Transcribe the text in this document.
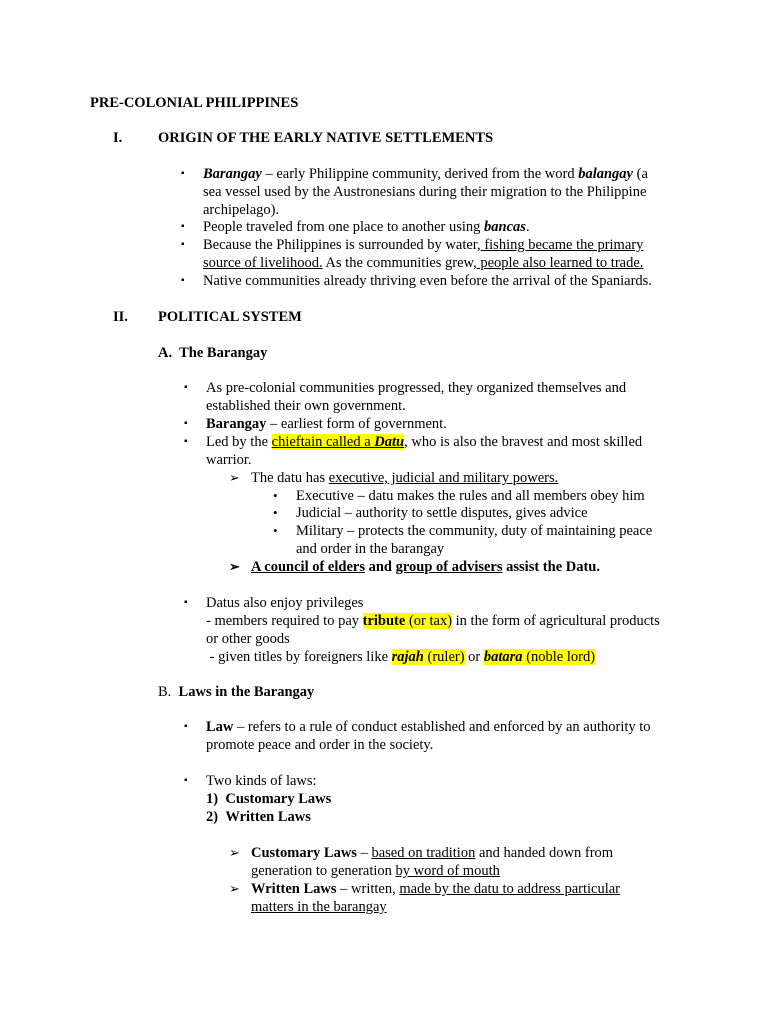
PRE-COLONIAL PHILIPPINES
I. ORIGIN OF THE EARLY NATIVE SETTLEMENTS
▪ Barangay – early Philippine community, derived from the word balangay (a
sea vessel used by the Austronesians during their migration to the Philippine
archipelago).
▪ People traveled from one place to another using bancas.
▪ Because the Philippines is surrounded by water, fishing became the primary
source of livelihood. As the communities grew, people also learned to trade.
▪ Native communities already thriving even before the arrival of the Spaniards.
II. POLITICAL SYSTEM
A. The Barangay
▪ As pre-colonial communities progressed, they organized themselves and
established their own government.
▪ Barangay – earliest form of government.
▪ Led by the chieftain called a Datu, who is also the bravest and most skilled
warrior.
➢ The datu has executive, judicial and military powers.
• Executive – datu makes the rules and all members obey him
• Judicial – authority to settle disputes, gives advice
• Military – protects the community, duty of maintaining peace
and order in the barangay
➢ A council of elders and group of advisers assist the Datu.
▪ Datus also enjoy privileges
- members required to pay tribute (or tax) in the form of agricultural products
or other goods
- given titles by foreigners like rajah (ruler) or batara (noble lord)
B. Laws in the Barangay
▪ Law – refers to a rule of conduct established and enforced by an authority to
promote peace and order in the society.
▪ Two kinds of laws:
1) Customary Laws
2) Written Laws
➢ Customary Laws – based on tradition and handed down from
generation to generation by word of mouth
➢ Written Laws – written, made by the datu to address particular
matters in the barangay
